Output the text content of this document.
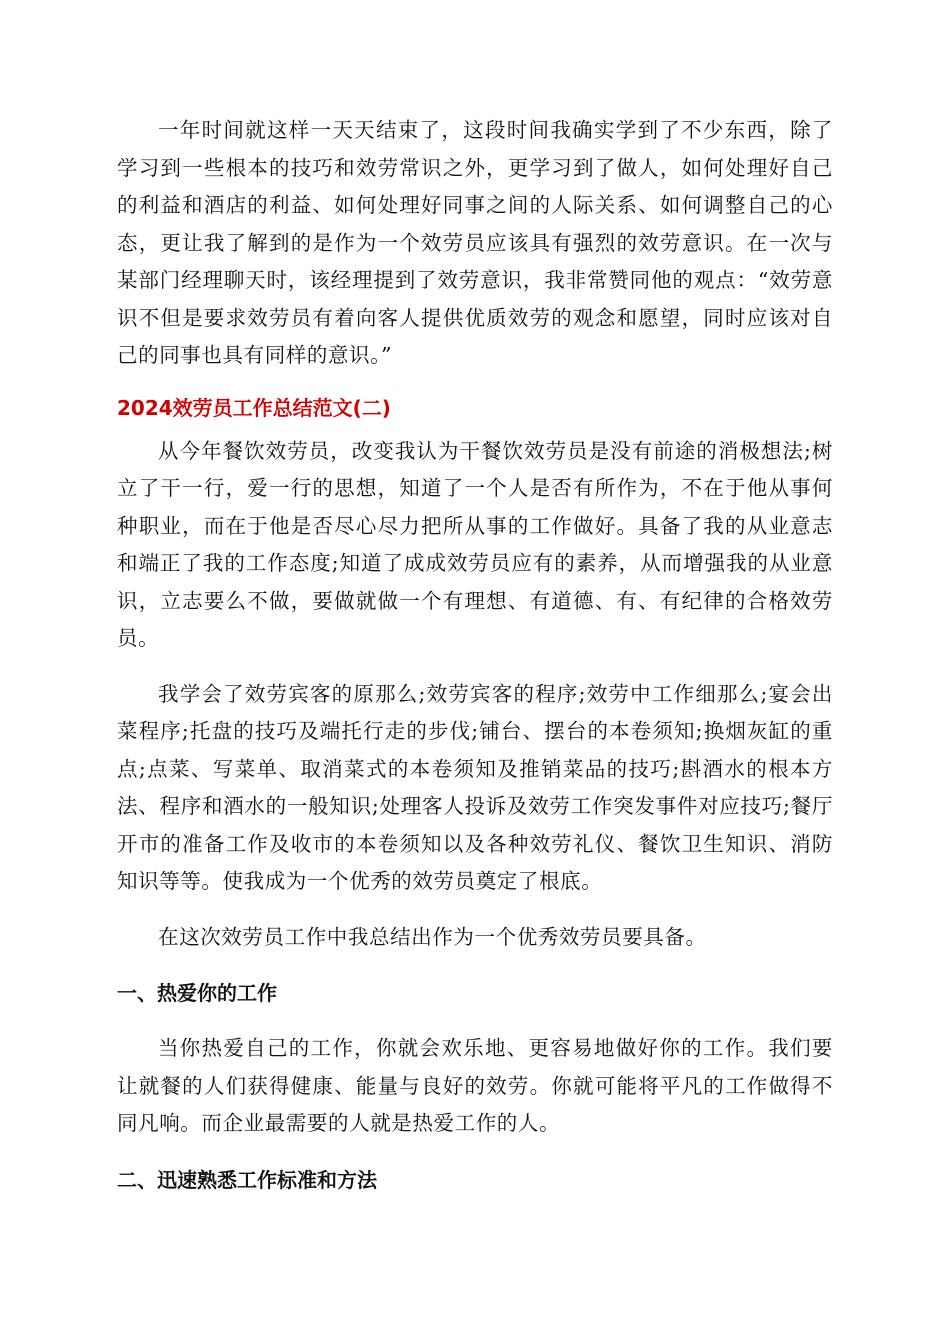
一年时间就这样一天天结束了，这段时间我确实学到了不少东西，除了学习到一些根本的技巧和效劳常识之外，更学习到了做人，如何处理好自己的利益和酒店的利益、如何处理好同事之间的人际关系、如何调整自己的心态，更让我了解到的是作为一个效劳员应该具有强烈的效劳意识。在一次与某部门经理聊天时，该经理提到了效劳意识，我非常赞同他的观点：“效劳意识不但是要求效劳员有着向客人提供优质效劳的观念和愿望，同时应该对自己的同事也具有同样的意识。”

2024效劳员工作总结范文(二)

从今年餐饮效劳员，改变我认为干餐饮效劳员是没有前途的消极想法;树立了干一行，爱一行的思想，知道了一个人是否有所作为，不在于他从事何种职业，而在于他是否尽心尽力把所从事的工作做好。具备了我的从业意志和端正了我的工作态度;知道了成成效劳员应有的素养，从而增强我的从业意识，立志要么不做，要做就做一个有理想、有道德、有、有纪律的合格效劳员。

我学会了效劳宾客的原那么;效劳宾客的程序;效劳中工作细那么;宴会出菜程序;托盘的技巧及端托行走的步伐;铺台、摆台的本卷须知;换烟灰缸的重点;点菜、写菜单、取消菜式的本卷须知及推销菜品的技巧;斟酒水的根本方法、程序和酒水的一般知识;处理客人投诉及效劳工作突发事件对应技巧;餐厅开市的准备工作及收市的本卷须知以及各种效劳礼仪、餐饮卫生知识、消防知识等等。使我成为一个优秀的效劳员奠定了根底。

在这次效劳员工作中我总结出作为一个优秀效劳员要具备。

一、热爱你的工作

当你热爱自己的工作，你就会欢乐地、更容易地做好你的工作。我们要让就餐的人们获得健康、能量与良好的效劳。你就可能将平凡的工作做得不同凡响。而企业最需要的人就是热爱工作的人。

二、迅速熟悉工作标准和方法
